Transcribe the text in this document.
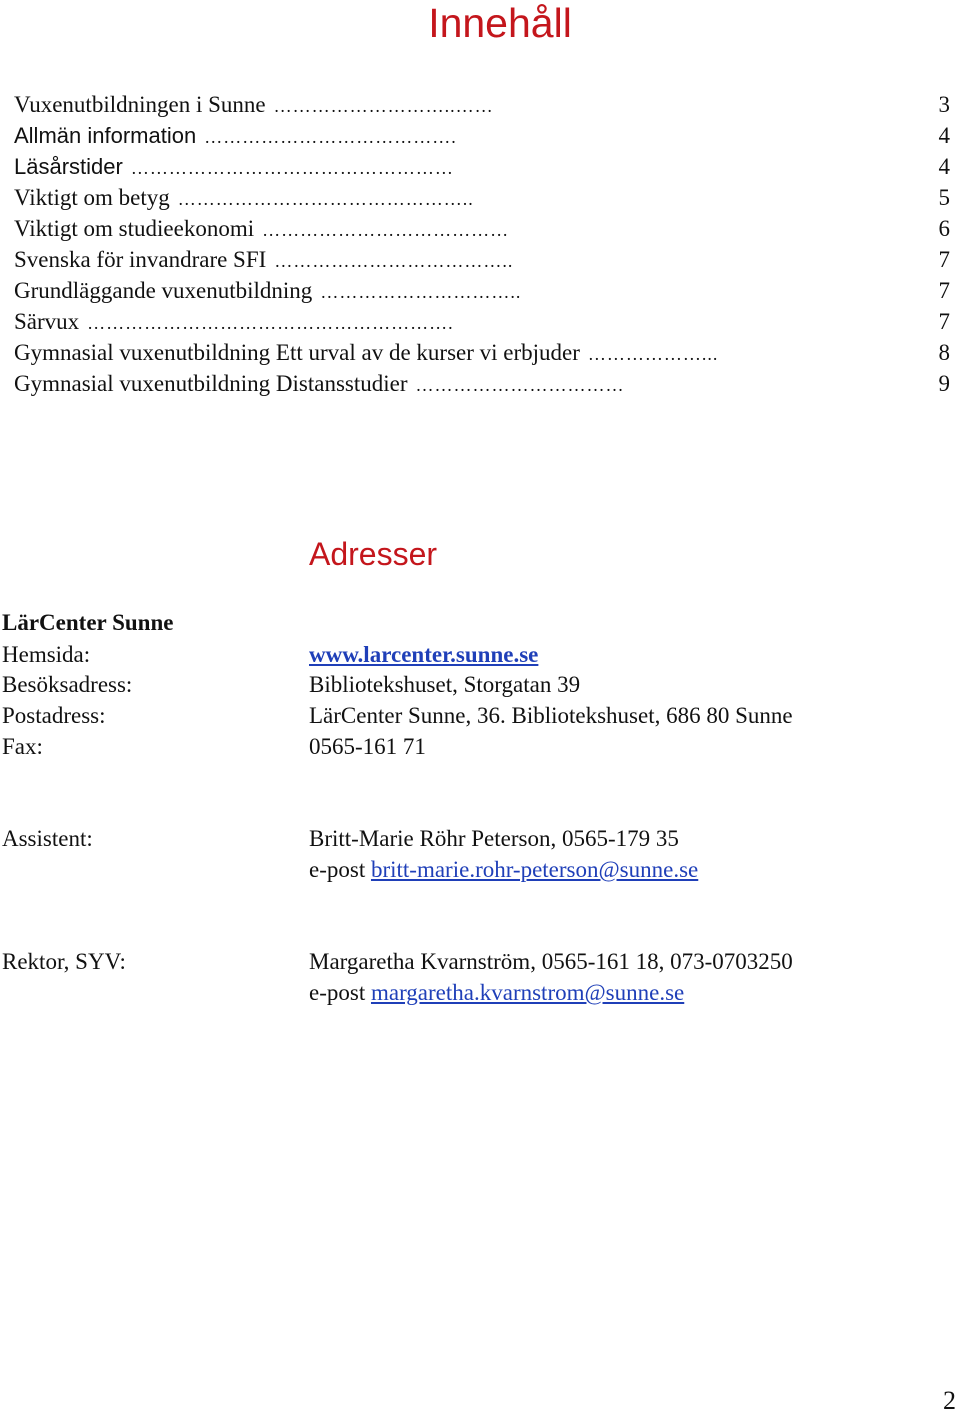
Innehåll
Vuxenutbildningen i Sunne ………………………..……	3
Allmän information ………………………………….	4
Läsårstider ……………………………………………	4
Viktigt om betyg ………………………………………..	5
Viktigt om studieekonomi …………………………………	6
Svenska för invandrare SFI ………………………………..	7
Grundläggande vuxenutbildning …………………………..	7
Särvux ………………………………………………….	7
Gymnasial vuxenutbildning Ett urval av de kurser vi erbjuder ………………...	8
Gymnasial vuxenutbildning Distansstudier ……………………………	9
Adresser
LärCenter Sunne
Hemsida:	www.larcenter.sunne.se
Besöksadress:	Bibliotekshuset, Storgatan 39
Postadress:	LärCenter Sunne, 36. Bibliotekshuset, 686 80 Sunne
Fax:	0565-161 71
Assistent:	Britt-Marie Röhr Peterson, 0565-179 35
e-post britt-marie.rohr-peterson@sunne.se
Rektor, SYV:	Margaretha Kvarnström, 0565-161 18, 073-0703250
e-post margaretha.kvarnstrom@sunne.se
2
